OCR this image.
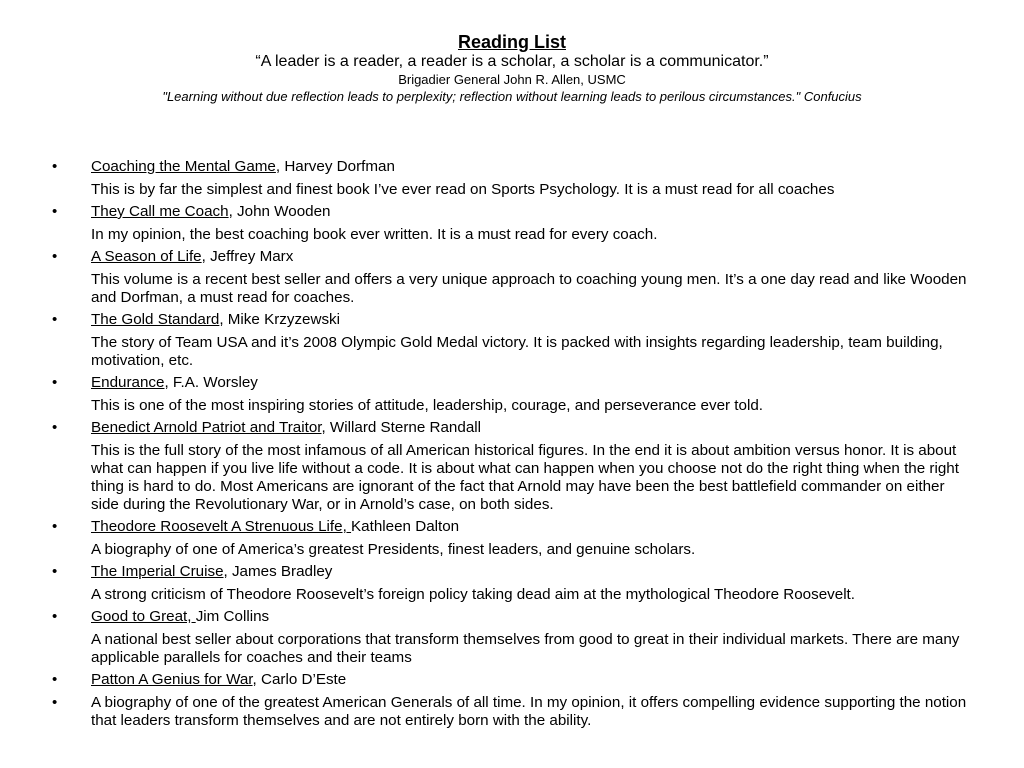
Reading List
“A leader is a reader, a reader is a scholar, a scholar is a communicator.”
Brigadier General John R. Allen, USMC
"Learning without due reflection leads to perplexity; reflection without learning leads to perilous circumstances." Confucius
• Coaching the Mental Game, Harvey Dorfman
This is by far the simplest and finest book I’ve ever read on Sports Psychology. It is a must read for all coaches
• They Call me Coach, John Wooden
In my opinion, the best coaching book ever written. It is a must read for every coach.
• A Season of Life, Jeffrey Marx
This volume is a recent best seller and offers a very unique approach to coaching young men. It’s a one day read and like Wooden and Dorfman, a must read for coaches.
• The Gold Standard, Mike Krzyzewski
The story of Team USA and it’s 2008 Olympic Gold Medal victory. It is packed with insights regarding leadership, team building, motivation, etc.
• Endurance, F.A. Worsley
This is one of the most inspiring stories of attitude, leadership, courage, and perseverance ever told.
• Benedict Arnold Patriot and Traitor, Willard Sterne Randall
This is the full story of the most infamous of all American historical figures. In the end it is about ambition versus honor. It is about what can happen if you live life without a code. It is about what can happen when you choose not do the right thing when the right thing is hard to do. Most Americans are ignorant of the fact that Arnold may have been the best battlefield commander on either side during the Revolutionary War, or in Arnold’s case, on both sides.
• Theodore Roosevelt A Strenuous Life, Kathleen Dalton
A biography of one of America’s greatest Presidents, finest leaders, and genuine scholars.
• The Imperial Cruise, James Bradley
A strong criticism of Theodore Roosevelt’s foreign policy taking dead aim at the mythological Theodore Roosevelt.
• Good to Great, Jim Collins
A national best seller about corporations that transform themselves from good to great in their individual markets. There are many applicable parallels for coaches and their teams
• Patton A Genius for War, Carlo D’Este
• A biography of one of the greatest American Generals of all time. In my opinion, it offers compelling evidence supporting the notion that leaders transform themselves and are not entirely born with the ability.
